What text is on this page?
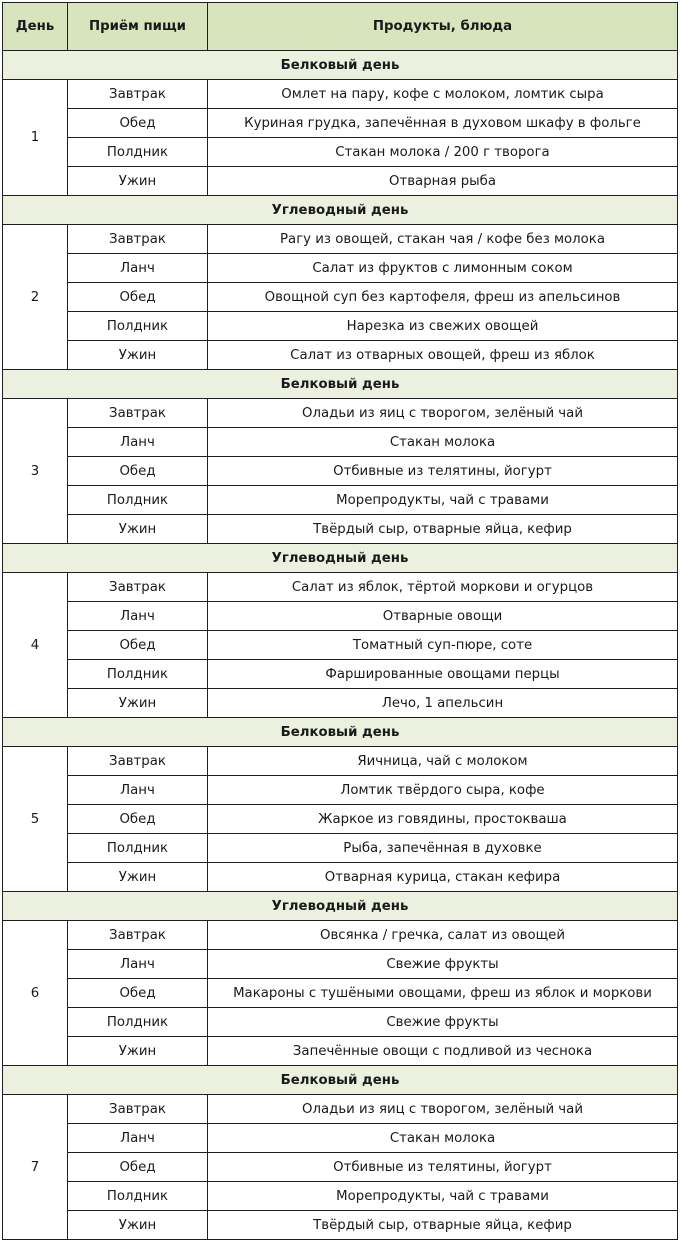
День	Приём пищи	Продукты, блюда
Белковый день		
1	Завтрак	Омлет на пару, кофе с молоком, ломтик сыра
	Обед	Куриная грудка, запечённая в духовом шкафу в фольге
	Полдник	Стакан молока / 200 г творога
	Ужин	Отварная рыба
Углеводный день		
2	Завтрак	Рагу из овощей, стакан чая / кофе без молока
	Ланч	Салат из фруктов с лимонным соком
	Обед	Овощной суп без картофеля, фреш из апельсинов
	Полдник	Нарезка из свежих овощей
	Ужин	Салат из отварных овощей, фреш из яблок
Белковый день		
3	Завтрак	Оладьи из яиц с творогом, зелёный чай
	Ланч	Стакан молока
	Обед	Отбивные из телятины, йогурт
	Полдник	Морепродукты, чай с травами
	Ужин	Твёрдый сыр, отварные яйца, кефир
Углеводный день		
4	Завтрак	Салат из яблок, тёртой моркови и огурцов
	Ланч	Отварные овощи
	Обед	Томатный суп-пюре, соте
	Полдник	Фаршированные овощами перцы
	Ужин	Лечо, 1 апельсин
Белковый день		
5	Завтрак	Яичница, чай с молоком
	Ланч	Ломтик твёрдого сыра, кофе
	Обед	Жаркое из говядины, простокваша
	Полдник	Рыба, запечённая в духовке
	Ужин	Отварная курица, стакан кефира
Углеводный день		
6	Завтрак	Овсянка / гречка, салат из овощей
	Ланч	Свежие фрукты
	Обед	Макароны с тушёными овощами, фреш из яблок и моркови
	Полдник	Свежие фрукты
	Ужин	Запечённые овощи с подливой из чеснока
Белковый день		
7	Завтрак	Оладьи из яиц с творогом, зелёный чай
	Ланч	Стакан молока
	Обед	Отбивные из телятины, йогурт
	Полдник	Морепродукты, чай с травами
	Ужин	Твёрдый сыр, отварные яйца, кефир
